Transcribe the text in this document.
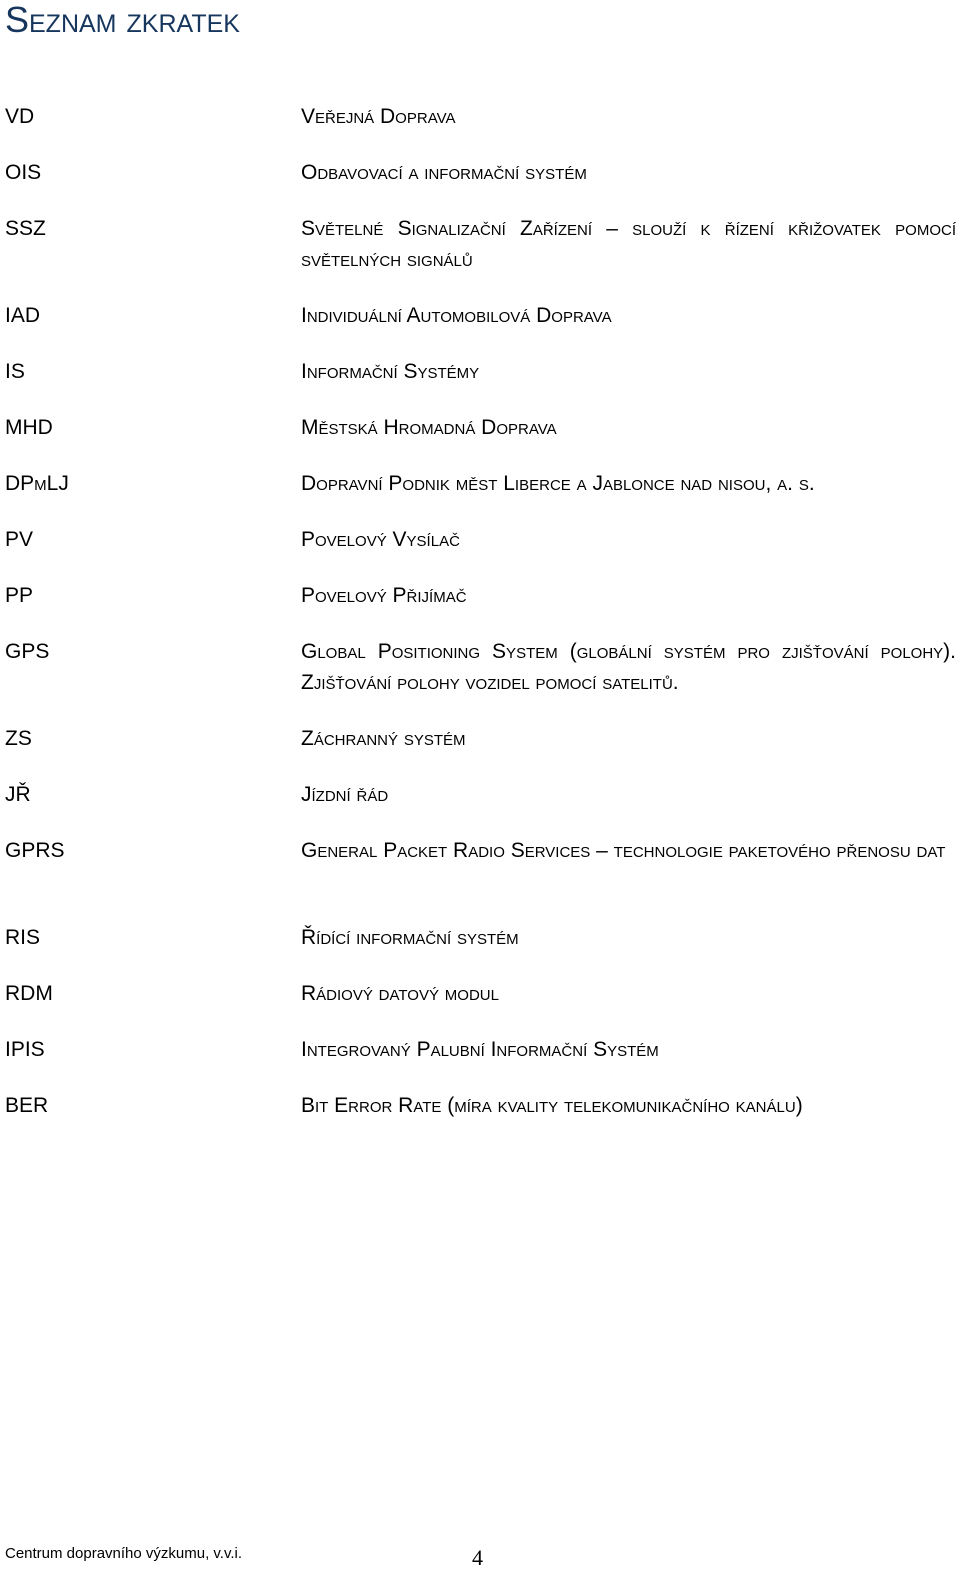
Seznam zkratek
VD	Veřejná Doprava
OIS	Odbavovací a informační systém
SSZ	Světelné Signalizační Zařízení – slouží k řízení křižovatek pomocí světelných signálů
IAD	Individuální Automobilová Doprava
IS	Informační Systémy
MHD	Městská Hromadná Doprava
DPmLJ	Dopravní Podnik měst Liberce a Jablonce nad nisou, a. s.
PV	Povelový Vysílač
PP	Povelový Přijímač
GPS	Global Positioning System (globální systém pro zjišťování polohy). Zjišťování polohy vozidel pomocí satelitů.
ZS	Záchranný systém
JŘ	Jízdní řád
GPRS	General Packet Radio Services – technologie paketového přenosu dat
RIS	Řídící informační systém
RDM	Rádiový datový modul
IPIS	Integrovaný Palubní Informační Systém
BER	Bit Error Rate (míra kvality telekomunikačního kanálu)
Centrum dopravního výzkumu, v.v.i.	4
